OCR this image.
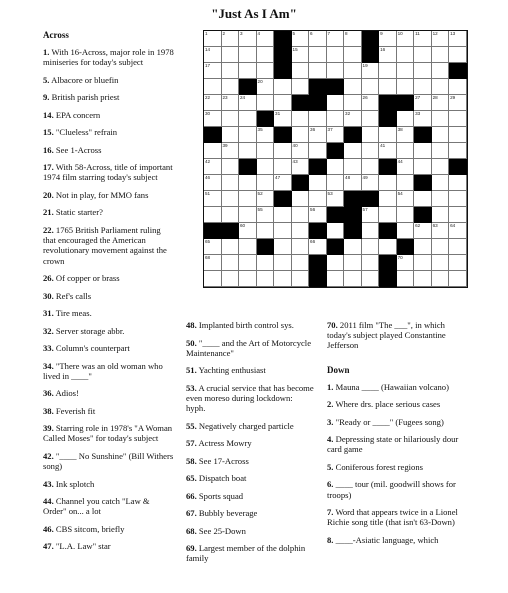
"Just As I Am"
Across
1. With 16-Across, major role in 1978 miniseries for today's subject
5. Albacore or bluefin
9. British parish priest
14. EPA concern
15. "Clueless" refrain
16. See 1-Across
17. With 58-Across, title of important 1974 film starring today's subject
20. Not in play, for MMO fans
21. Static starter?
22. 1765 British Parliament ruling that encouraged the American revolutionary movement against the crown
26. Of copper or brass
30. Ref's calls
31. Tire meas.
32. Server storage abbr.
33. Column's counterpart
34. "There was an old woman who lived in ____"
36. Adios!
38. Feverish fit
39. Starring role in 1978's "A Woman Called Moses" for today's subject
42. "____ No Sunshine" (Bill Withers song)
43. Ink splotch
44. Channel you catch "Law & Order" on... a lot
46. CBS sitcom, briefly
47. "L.A. Law" star
1	2	3	4	5	6	7	8	9	10	11	12	13
14	15	16
17	19
20
22	23	24	26	27	28	29
30	31	32	33
35	36	37	38
39	40	41
42	43	44
46	47	48	49
51	52	53	54
55	56	57
60	62	63	64
65	66
68	70
48. Implanted birth control sys.
50. "____ and the Art of Motorcycle Maintenance"
51. Yachting enthusiast
53. A crucial service that has become even moreso during lockdown: hyph.
55. Negatively charged particle
57. Actress Mowry
58. See 17-Across
65. Dispatch boat
66. Sports squad
67. Bubbly beverage
68. See 25-Down
69. Largest member of the dolphin family
70. 2011 film "The ___", in which today's subject played Constantine Jefferson
Down
1. Mauna ____ (Hawaiian volcano)
2. Where drs. place serious cases
3. "Ready or ____" (Fugees song)
4. Depressing state or hilariously dour card game
5. Coniferous forest regions
6. ____ tour (mil. goodwill shows for troops)
7. Word that appears twice in a Lionel Richie song title (that isn't 63-Down)
8. ____-Asiatic language, which
